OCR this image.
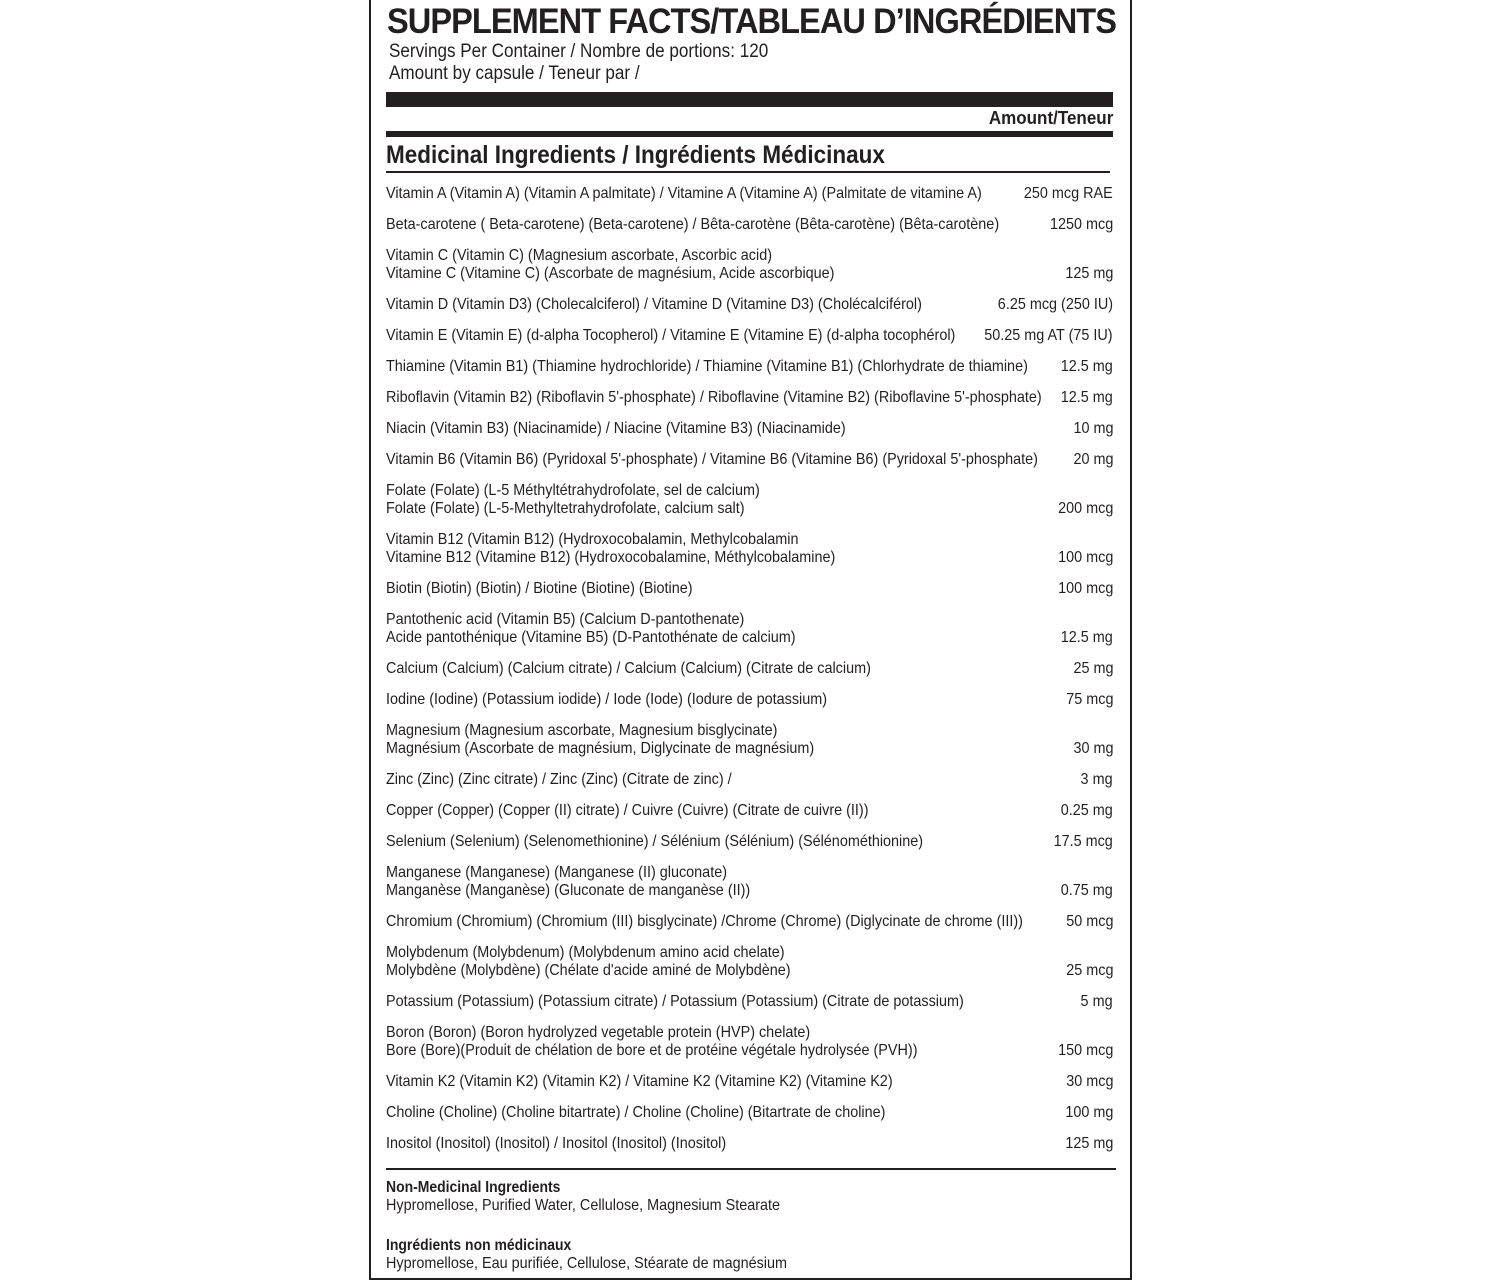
SUPPLEMENT FACTS/TABLEAU D’INGRÉDIENTS
Servings Per Container / Nombre de portions: 120
Amount by capsule / Teneur par /
Amount/Teneur
Medicinal Ingredients / Ingrédients Médicinaux
Vitamin A (Vitamin A) (Vitamin A palmitate) / Vitamine A (Vitamine A) (Palmitate de vitamine A)	250 mcg RAE
Beta-carotene ( Beta-carotene) (Beta-carotene) / Bêta-carotène (Bêta-carotène) (Bêta-carotène)	1250 mcg
Vitamin C (Vitamin C) (Magnesium ascorbate, Ascorbic acid)
Vitamine C (Vitamine C) (Ascorbate de magnésium, Acide ascorbique)	125 mg
Vitamin D (Vitamin D3) (Cholecalciferol) / Vitamine D (Vitamine D3) (Cholécalciférol)	6.25 mcg (250 IU)
Vitamin E (Vitamin E) (d-alpha Tocopherol) / Vitamine E (Vitamine E) (d-alpha tocophérol) 50.25 mg AT (75 IU)
Thiamine (Vitamin B1) (Thiamine hydrochloride) / Thiamine (Vitamine B1) (Chlorhydrate de thiamine) 12.5 mg
Riboflavin (Vitamin B2) (Riboflavin 5'-phosphate) / Riboflavine (Vitamine B2) (Riboflavine 5'-phosphate) 12.5 mg
Niacin (Vitamin B3) (Niacinamide) / Niacine (Vitamine B3) (Niacinamide)	10 mg
Vitamin B6 (Vitamin B6) (Pyridoxal 5'-phosphate) / Vitamine B6 (Vitamine B6) (Pyridoxal 5'-phosphate) 20 mg
Folate (Folate) (L-5 Méthyltétrahydrofolate, sel de calcium)
Folate (Folate) (L-5-Methyltetrahydrofolate, calcium salt)	200 mcg
Vitamin B12 (Vitamin B12) (Hydroxocobalamin, Methylcobalamin
Vitamine B12 (Vitamine B12) (Hydroxocobalamine, Méthylcobalamine)	100 mcg
Biotin (Biotin) (Biotin) / Biotine (Biotine) (Biotine)	100 mcg
Pantothenic acid (Vitamin B5) (Calcium D-pantothenate)
Acide pantothénique (Vitamine B5) (D-Pantothénate de calcium)	12.5 mg
Calcium (Calcium) (Calcium citrate) / Calcium (Calcium) (Citrate de calcium)	25 mg
Iodine (Iodine) (Potassium iodide) / Iode (Iode) (Iodure de potassium)	75 mcg
Magnesium (Magnesium ascorbate, Magnesium bisglycinate)
Magnésium (Ascorbate de magnésium, Diglycinate de magnésium)	30 mg
Zinc (Zinc) (Zinc citrate) / Zinc (Zinc) (Citrate de zinc) /	3 mg
Copper (Copper) (Copper (II) citrate) / Cuivre (Cuivre) (Citrate de cuivre (II))	0.25 mg
Selenium (Selenium) (Selenomethionine) / Sélénium (Sélénium) (Sélénométhionine)	17.5 mcg
Manganese (Manganese) (Manganese (II) gluconate)
Manganèse (Manganèse) (Gluconate de manganèse (II))	0.75 mg
Chromium (Chromium) (Chromium (III) bisglycinate) /Chrome (Chrome) (Diglycinate de chrome (III))	50 mcg
Molybdenum (Molybdenum) (Molybdenum amino acid chelate)
Molybdène (Molybdène) (Chélate d'acide aminé de Molybdène)	25 mcg
Potassium (Potassium) (Potassium citrate) / Potassium (Potassium) (Citrate de potassium)	5 mg
Boron (Boron) (Boron hydrolyzed vegetable protein (HVP) chelate)
Bore (Bore)(Produit de chélation de bore et de protéine végétale hydrolysée (PVH))	150 mcg
Vitamin K2 (Vitamin K2) (Vitamin K2) / Vitamine K2 (Vitamine K2) (Vitamine K2)	30 mcg
Choline (Choline) (Choline bitartrate) / Choline (Choline) (Bitartrate de choline)	100 mg
Inositol (Inositol) (Inositol) / Inositol (Inositol) (Inositol)	125 mg
Non-Medicinal Ingredients
Hypromellose, Purified Water, Cellulose, Magnesium Stearate
Ingrédients non médicinaux
Hypromellose, Eau purifiée, Cellulose, Stéarate de magnésium
